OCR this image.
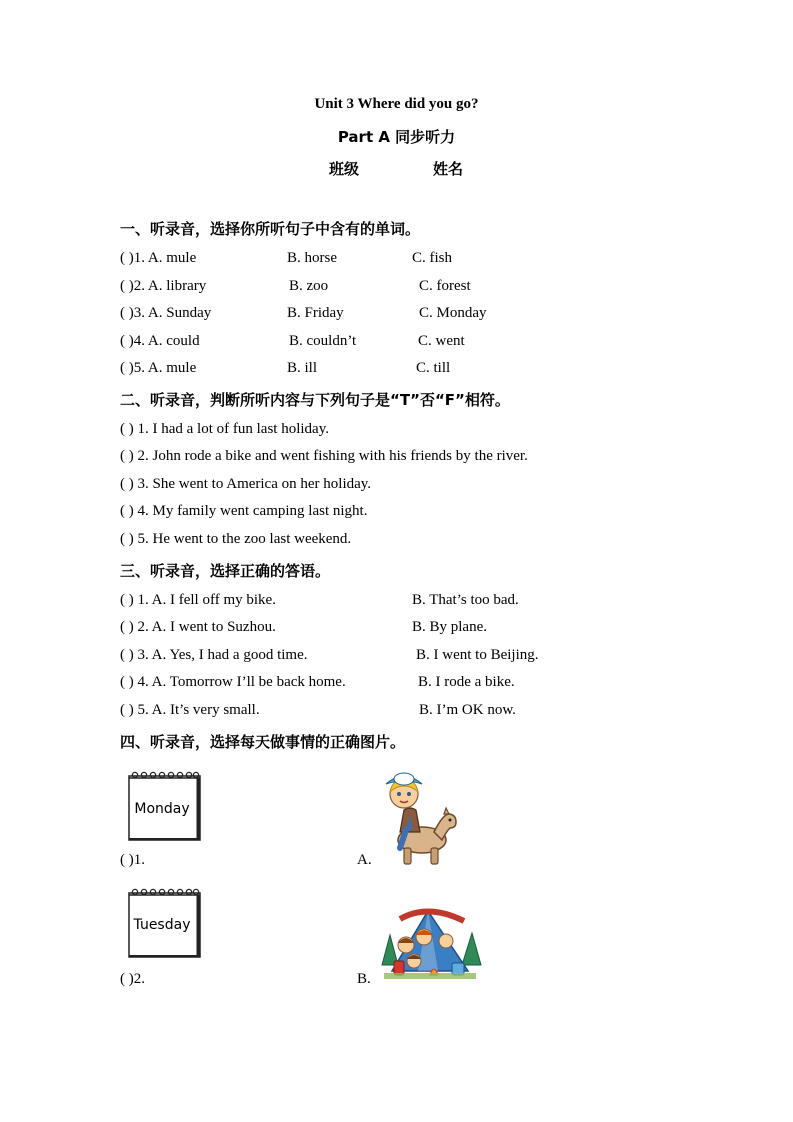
Unit 3 Where did you go?
Part A 同步听力
班级	姓名
一、听录音，选择你所听句子中含有的单词。
( )1. A. mule	B. horse	C. fish
( )2. A. library	B. zoo	C. forest
( )3. A. Sunday	B. Friday	C. Monday
( )4. A. could	B. couldn’t	C. went
( )5. A. mule	B. ill	C. till
二、听录音，判断所听内容与下列句子是“T”否“F”相符。
( ) 1. I had a lot of fun last holiday.
( ) 2. John rode a bike and went fishing with his friends by the river.
( ) 3. She went to America on her holiday.
( ) 4. My family went camping last night.
( ) 5. He went to the zoo last weekend.
三、听录音，选择正确的答语。
( ) 1. A. I fell off my bike.	B. That’s too bad.
( ) 2. A. I went to Suzhou.	B. By plane.
( ) 3. A. Yes, I had a good time.	B. I went to Beijing.
( ) 4. A. Tomorrow I’ll be back home.	B. I rode a bike.
( ) 5. A. It’s very small.	B. I’m OK now.
四、听录音，选择每天做事情的正确图片。
Monday
( )1.	A.
Tuesday
( )2.	B.
